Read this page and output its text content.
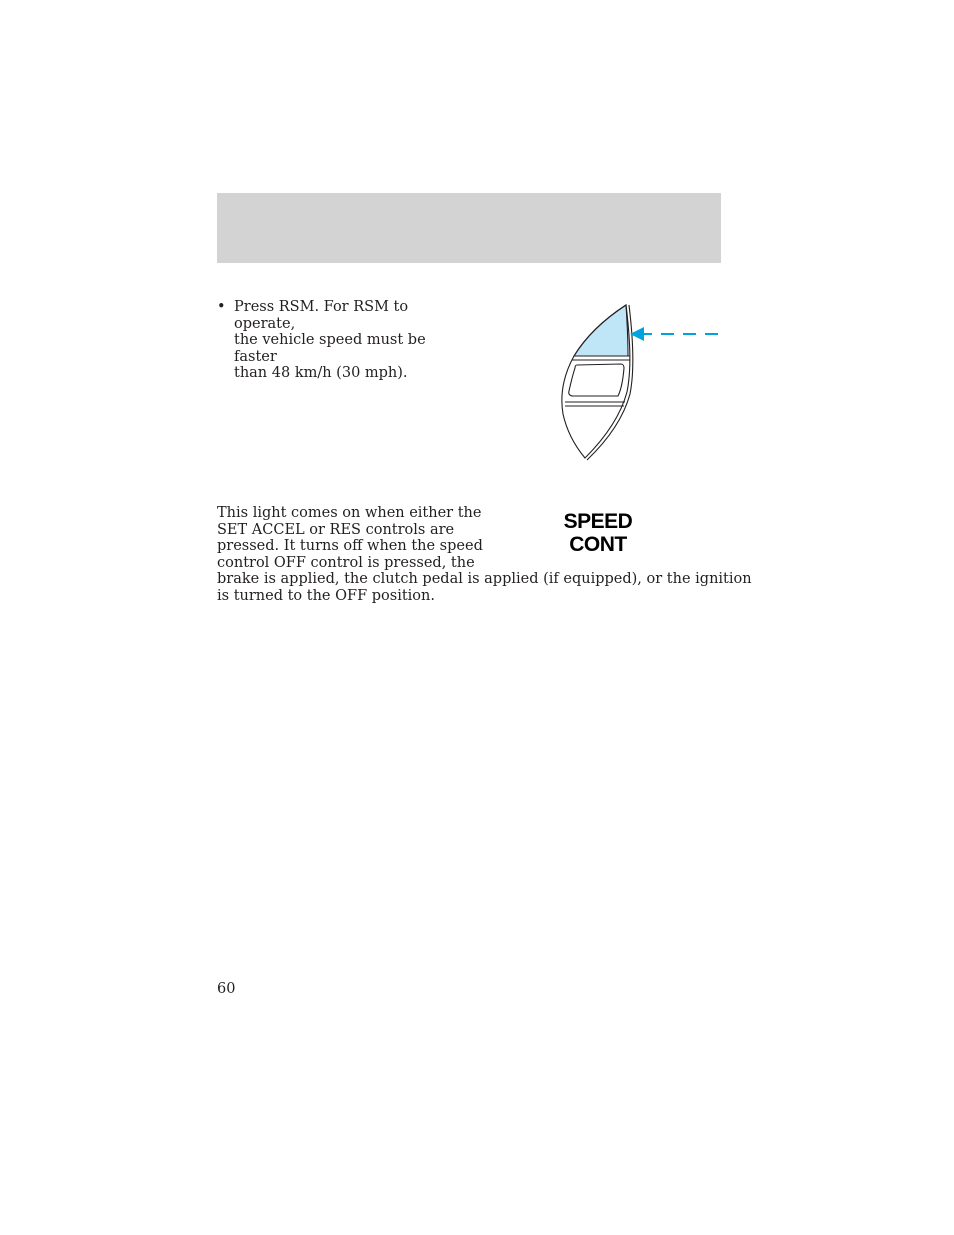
• Press RSM. For RSM to operate,
the vehicle speed must be faster
than 48 km/h (30 mph).
This light comes on when either the
SET ACCEL or RES controls are
pressed. It turns off when the speed
control OFF control is pressed, the
brake is applied, the clutch pedal is applied (if equipped), or the ignition
is turned to the OFF position.
SPEED
CONT
60
